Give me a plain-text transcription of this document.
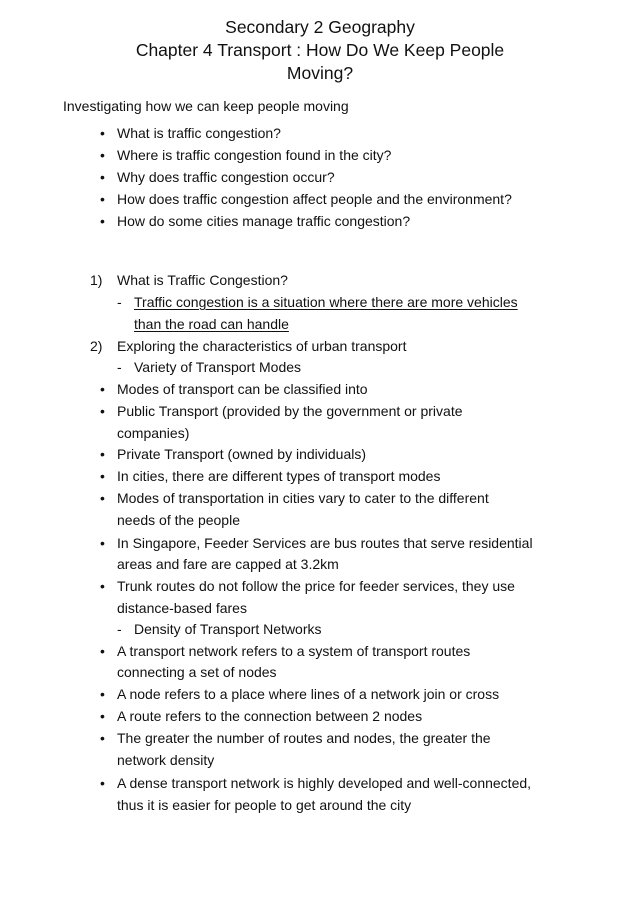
Secondary 2 Geography
Chapter 4 Transport : How Do We Keep People
Moving?
Investigating how we can keep people moving
• What is traffic congestion?
• Where is traffic congestion found in the city?
• Why does traffic congestion occur?
• How does traffic congestion affect people and the environment?
• How do some cities manage traffic congestion?
1) What is Traffic Congestion?
- Traffic congestion is a situation where there are more vehicles
than the road can handle
2) Exploring the characteristics of urban transport
- Variety of Transport Modes
• Modes of transport can be classified into
• Public Transport (provided by the government or private
companies)
• Private Transport (owned by individuals)
• In cities, there are different types of transport modes
• Modes of transportation in cities vary to cater to the different
needs of the people
• In Singapore, Feeder Services are bus routes that serve residential
areas and fare are capped at 3.2km
• Trunk routes do not follow the price for feeder services, they use
distance-based fares
- Density of Transport Networks
• A transport network refers to a system of transport routes
connecting a set of nodes
• A node refers to a place where lines of a network join or cross
• A route refers to the connection between 2 nodes
• The greater the number of routes and nodes, the greater the
network density
• A dense transport network is highly developed and well-connected,
thus it is easier for people to get around the city
